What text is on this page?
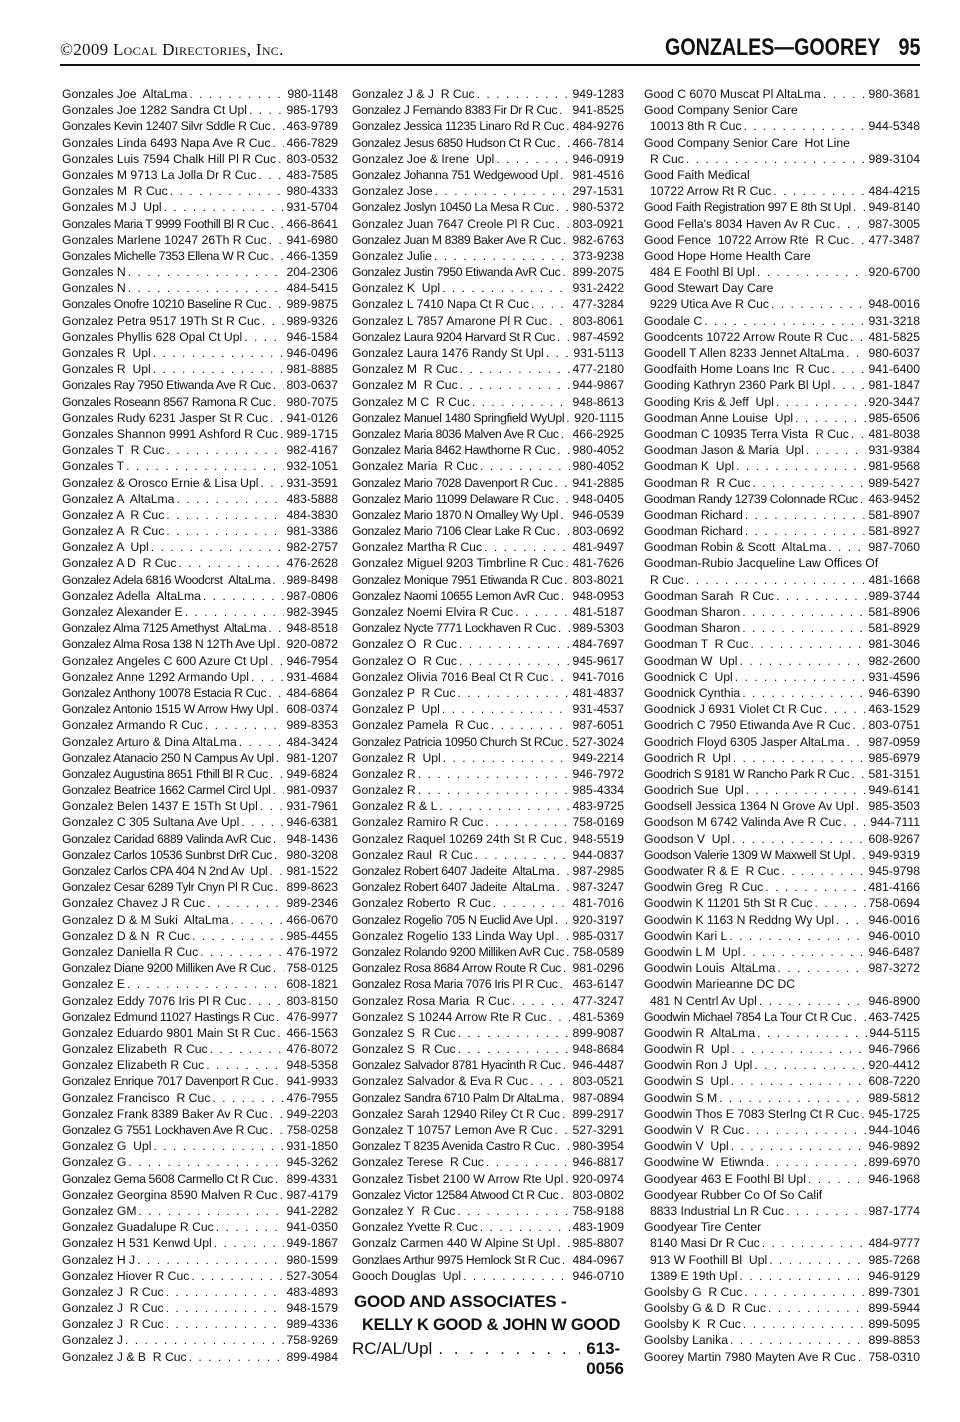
©2009 Local Directories, Inc.	GONZALES—GOOREY 95
Gonzales Joe  AltaLma . . .	980-1148
Gonzales Joe 1282 Sandra Ct Upl . . .	985-1793
Gonzales Kevin 12407 Silvr Sddle R Cuc . . . 463-9789
Gonzales Linda 6493 Napa Ave R Cuc . . . 466-7829
Gonzales Luis 7594 Chalk Hill Pl R Cuc . . . 803-0532
Gonzales M 9713 La Jolla Dr R Cuc . . . 483-7585
Gonzales M  R Cuc . . .	980-4333
Gonzales M J  Upl . . .	931-5704
Gonzales Maria T 9999 Foothill Bl R Cuc . . . 466-8641
Gonzales Marlene 10247 26Th R Cuc . . . 941-6980
Gonzales Michelle 7353 Ellena W R Cuc . . . 466-1359
Gonzales N . . .	204-2306
Gonzales N . . .	484-5415
Gonzales Onofre 10210 Baseline R Cuc . . . 989-9875
Gonzalez Petra 9517 19Th St R Cuc . . . 989-9326
Gonzales Phyllis 628 Opal Ct Upl . . .	946-1584
Gonzales R  Upl . . .	946-0496
Gonzales R  Upl . . .	981-8885
Gonzales Ray 7950 Etiwanda Ave R Cuc . . . 803-0637
Gonzales Roseann 8567 Ramona R Cuc . . . 980-7075
Gonzales Rudy 6231 Jasper St R Cuc . . . 941-0126
Gonzales Shannon 9991 Ashford R Cuc . . . 989-1715
Gonzales T  R Cuc . . .	982-4167
Gonzales T . . .	932-1051
Gonzalez & Orosco Ernie & Lisa Upl . . . 931-3591
Gonzalez A  AltaLma . . .	483-5888
Gonzalez A  R Cuc . . .	484-3830
Gonzalez A  R Cuc . . .	981-3386
Gonzalez A  Upl . . .	982-2757
Gonzalez A D  R Cuc . . .	476-2628
Gonzalez Adela 6816 Woodcrst  AltaLma . . . 989-8498
Gonzalez Adella  AltaLma . . .	987-0806
Gonzalez Alexander E . . .	982-3945
Gonzalez Alma 7125 Amethyst  AltaLma . . . 948-8518
Gonzalez Alma Rosa 138 N 12Th Ave Upl . . . 920-0872
Gonzalez Angeles C 600 Azure Ct Upl . . . 946-7954
Gonzalez Anne 1292 Armando Upl . . .	931-4684
Gonzalez Anthony 10078 Estacia R Cuc . . . 484-6864
Gonzalez Antonio 1515 W Arrow Hwy Upl . . . 608-0374
Gonzalez Armando R Cuc . . .	989-8353
Gonzalez Arturo & Dina AltaLma . . .	484-3424
Gonzalez Atanacio 250 N Campus Av Upl . . . 981-1207
Gonzalez Augustina 8651 Fthill Bl R Cuc . . . 949-6824
Gonzalez Beatrice 1662 Carmel Circl Upl . . . 981-0937
Gonzalez Belen 1437 E 15Th St Upl . . . 931-7961
Gonzalez C 305 Sultana Ave Upl . . .	946-6381
Gonzalez Caridad 6889 Valinda AvR Cuc . . . 948-1436
Gonzalez Carlos 10536 Sunbrst DrR Cuc . . . 980-3208
Gonzalez Carlos CPA 404 N 2nd Av  Upl . . . 981-1522
Gonzalez Cesar 6289 Tylr Cnyn Pl R Cuc . . . 899-8623
Gonzalez Chavez J R Cuc . . .	989-2346
Gonzalez D & M Suki  AltaLma . . .	466-0670
Gonzalez D & N  R Cuc . . .	985-4455
Gonzalez Daniella R Cuc . . .	476-1972
Gonzalez Diane 9200 Milliken Ave R Cuc . . . 758-0125
Gonzalez E . . .	608-1821
Gonzalez Eddy 7076 Iris Pl R Cuc . . .	803-8150
Gonzalez Edmund 11027 Hastings R Cuc . . . 476-9977
Gonzalez Eduardo 9801 Main St R Cuc . . . 466-1563
Gonzalez Elizabeth  R Cuc . . .	476-8072
Gonzalez Elizabeth R Cuc . . .	948-5358
Gonzalez Enrique 7017 Davenport R Cuc . . . 941-9933
Gonzalez Francisco  R Cuc . . .	476-7955
Gonzalez Frank 8389 Baker Av R Cuc . . . 949-2203
Gonzalez G 7551 Lockhaven Ave R Cuc . . . 758-0258
Gonzalez G  Upl . . .	931-1850
Gonzalez G . . .	945-3262
Gonzalez Gema 5608 Carmello Ct R Cuc . . . 899-4331
Gonzalez Georgina 8590 Malven R Cuc . . . 987-4179
Gonzalez GM . . .	941-2282
Gonzalez Guadalupe R Cuc . . .	941-0350
Gonzalez H 531 Kenwd Upl . . .	949-1867
Gonzalez H J . . .	980-1599
Gonzalez Hiover R Cuc . . .	527-3054
Gonzalez J  R Cuc . . .	483-4893
Gonzalez J  R Cuc . . .	948-1579
Gonzalez J  R Cuc . . .	989-4336
Gonzalez J . . .	758-9269
Gonzalez J & B  R Cuc . . .	899-4984
Gonzalez J & J  R Cuc . . .	949-1283
Gonzalez J Fernando 8383 Fir Dr R Cuc . . . 941-8525
Gonzalez Jessica 11235 Linaro Rd R Cuc . . . 484-9276
Gonzalez Jesus 6850 Hudson Ct R Cuc . . . 466-7814
Gonzalez Joe & Irene  Upl . . .	946-0919
Gonzalez Johanna 751 Wedgewood Upl . . . 981-4516
Gonzalez Jose . . .	297-1531
Gonzalez Joslyn 10450 La Mesa R Cuc . . . 980-5372
Gonzalez Juan 7647 Creole Pl R Cuc . . . 803-0921
Gonzalez Juan M 8389 Baker Ave R Cuc . . . 982-6763
Gonzalez Julie . . .	373-9238
Gonzalez Justin 7950 Etiwanda AvR Cuc . . . 899-2075
Gonzalez K  Upl . . .	931-2422
Gonzalez L 7410 Napa Ct R Cuc . . .	477-3284
Gonzalez L 7857 Amarone Pl R Cuc . . . 803-8061
Gonzalez Laura 9204 Harvard St R Cuc . . . 987-4592
Gonzalez Laura 1476 Randy St Upl . . . 931-5113
Gonzalez M  R Cuc . . .	477-2180
Gonzalez M  R Cuc . . .	944-9867
Gonzalez M C  R Cuc . . .	948-8613
Gonzalez Manuel 1480 Springfield WyUpl . . . 920-1115
Gonzalez Maria 8036 Malven Ave R Cuc . . . 466-2925
Gonzalez Maria 8462 Hawthorne R Cuc . . . 980-4052
Gonzalez Maria  R Cuc . . .	980-4052
Gonzalez Mario 7028 Davenport R Cuc . . . 941-2885
Gonzalez Mario 11099 Delaware R Cuc . . . 948-0405
Gonzalez Mario 1870 N Omalley Wy Upl . . . 946-0539
Gonzalez Mario 7106 Clear Lake R Cuc . . . 803-0692
Gonzalez Martha R Cuc . . .	481-9497
Gonzalez Miguel 9203 Timbrline R Cuc . . . 481-7626
Gonzalez Monique 7951 Etiwanda R Cuc . . . 803-8021
Gonzalez Naomi 10655 Lemon AvR Cuc . . . 948-0953
Gonzalez Noemi Elvira R Cuc . . .	481-5187
Gonzalez Nycte 7771 Lockhaven R Cuc . . . 989-5303
Gonzalez O  R Cuc . . .	484-7697
Gonzalez O  R Cuc . . .	945-9617
Gonzalez Olivia 7016 Beal Ct R Cuc . . . 941-7016
Gonzalez P  R Cuc . . .	481-4837
Gonzalez P  Upl . . .	931-4537
Gonzalez Pamela  R Cuc . . .	987-6051
Gonzalez Patricia 10950 Church St RCuc . . . 527-3024
Gonzalez R  Upl . . .	949-2214
Gonzalez R . . .	946-7972
Gonzalez R . . .	985-4334
Gonzalez R & L . . .	483-9725
Gonzalez Ramiro R Cuc . . .	758-0169
Gonzalez Raquel 10269 24th St R Cuc . . . 948-5519
Gonzalez Raul  R Cuc . . .	944-0837
Gonzalez Robert 6407 Jadeite  AltaLma . . . 987-2985
Gonzalez Robert 6407 Jadeite  AltaLma . . . 987-3247
Gonzalez Roberto  R Cuc . . .	481-7016
Gonzalez Rogelio 705 N Euclid Ave Upl . . . 920-3197
Gonzalez Rogelio 133 Linda Way Upl . . . 985-0317
Gonzalez Rolando 9200 Milliken AvR Cuc . . . 758-0589
Gonzalez Rosa 8684 Arrow Route R Cuc . . . 981-0296
Gonzalez Rosa Maria 7076 Iris Pl R Cuc . . . 463-6147
Gonzalez Rosa Maria  R Cuc . . .	477-3247
Gonzalez S 10244 Arrow Rte R Cuc . . . 481-5369
Gonzalez S  R Cuc . . .	899-9087
Gonzalez S  R Cuc . . .	948-8684
Gonzalez Salvador 8781 Hyacinth R Cuc . . . 946-4487
Gonzalez Salvador & Eva R Cuc . . .	803-0521
Gonzalez Sandra 6710 Palm Dr AltaLma . . . 987-0894
Gonzalez Sarah 12940 Riley Ct R Cuc . . . 899-2917
Gonzalez T 10757 Lemon Ave R Cuc . . . 527-3291
Gonzalez T 8235 Avenida Castro R Cuc . . . 980-3954
Gonzalez Terese  R Cuc . . .	946-8817
Gonzalez Tisbet 2100 W Arrow Rte Upl . . . 920-0974
Gonzalez Victor 12584 Atwood Ct R Cuc . . . 803-0802
Gonzalez Y  R Cuc . . .	758-9188
Gonzalez Yvette R Cuc . . .	483-1909
Gonzalz Carmen 440 W Alpine St Upl . . . 985-8807
Gonzlaes Arthur 9975 Hemlock St R Cuc . . . 484-0967
Gooch Douglas  Upl . . .	946-0710
Good C 6070 Muscat Pl AltaLma . . .	980-3681
Good Company Senior Care
10013 8th R Cuc . . .	944-5348
Good Company Senior Care  Hot Line
R Cuc . . .	989-3104
Good Faith Medical
10722 Arrow Rt R Cuc . . .	484-4215
Good Faith Registration 997 E 8th St Upl . . . 949-8140
Good Fella's 8034 Haven Av R Cuc . . .	987-3005
Good Fence  10722 Arrow Rte  R Cuc . . . 477-3487
Good Hope Home Health Care
484 E Foothl Bl Upl . . .	920-6700
Good Stewart Day Care
9229 Utica Ave R Cuc . . .	948-0016
Goodale C . . .	931-3218
Goodcents 10722 Arrow Route R Cuc . . . 481-5825
Goodell T Allen 8233 Jennet AltaLma . . . 980-6037
Goodfaith Home Loans Inc  R Cuc . . .	941-6400
Gooding Kathryn 2360 Park Bl Upl . . .	981-1847
Gooding Kris & Jeff  Upl . . .	920-3447
Goodman Anne Louise  Upl . . .	985-6506
Goodman C 10935 Terra Vista  R Cuc . . . 481-8038
Goodman Jason & Maria  Upl . . .	931-9384
Goodman K  Upl . . .	981-9568
Goodman R  R Cuc . . .	989-5427
Goodman Randy 12739 Colonnade RCuc . . . 463-9452
Goodman Richard . . .	581-8907
Goodman Richard . . .	581-8927
Goodman Robin & Scott  AltaLma . . .	987-7060
Goodman-Rubio Jacqueline Law Offices Of
R Cuc . . .	481-1668
Goodman Sarah  R Cuc . . .	989-3744
Goodman Sharon . . .	581-8906
Goodman Sharon . . .	581-8929
Goodman T  R Cuc . . .	981-3046
Goodman W  Upl . . .	982-2600
Goodnick C  Upl . . .	931-4596
Goodnick Cynthia . . .	946-6390
Goodnick J 6931 Violet Ct R Cuc . . .	463-1529
Goodrich C 7950 Etiwanda Ave R Cuc . . . 803-0751
Goodrich Floyd 6305 Jasper AltaLma . . . 987-0959
Goodrich R  Upl . . .	985-6979
Goodrich S 9181 W Rancho Park R Cuc . . . 581-3151
Goodrich Sue  Upl . . .	949-6141
Goodsell Jessica 1364 N Grove Av Upl . . . 985-3503
Goodson M 6742 Valinda Ave R Cuc . . . 944-7111
Goodson V  Upl . . .	608-9267
Goodson Valerie 1309 W Maxwell St Upl . . . 949-9319
Goodwater R & E  R Cuc . . .	945-9798
Goodwin Greg  R Cuc . . .	481-4166
Goodwin K 11201 5th St R Cuc . . .	758-0694
Goodwin K 1163 N Reddng Wy Upl . . .	946-0016
Goodwin Kari L . . .	946-0010
Goodwin L M  Upl . . .	946-6487
Goodwin Louis  AltaLma . . .	987-3272
Goodwin Marieanne DC DC
481 N Centrl Av Upl . . .	946-8900
Goodwin Michael 7854 La Tour Ct R Cuc . . . 463-7425
Goodwin R  AltaLma . . .	944-5115
Goodwin R  Upl . . .	946-7966
Goodwin Ron J  Upl . . .	920-4412
Goodwin S  Upl . . .	608-7220
Goodwin S M . . .	989-5812
Goodwin Thos E 7083 Sterlng Ct R Cuc . . . 945-1725
Goodwin V  R Cuc . . .	944-1046
Goodwin V  Upl . . .	946-9892
Goodwine W  Etiwnda . . .	899-6970
Goodyear 463 E Foothl Bl Upl . . .	946-1968
Goodyear Rubber Co Of So Calif
8833 Industrial Ln R Cuc . . .	987-1774
Goodyear Tire Center
8140 Masi Dr R Cuc . . .	484-9777
913 W Foothill Bl  Upl . . .	985-7268
1389 E 19th Upl . . .	946-9129
Goolsby G  R Cuc . . .	899-7301
Goolsby G & D  R Cuc . . .	899-5944
Goolsby K  R Cuc . . .	899-5095
Goolsby Lanika . . .	899-8853
Goorey Martin 7980 Mayten Ave R Cuc . . . 758-0310
GOOD AND ASSOCIATES -
KELLY K GOOD & JOHN W GOOD
RC/AL/Upl . . .	613-0056
